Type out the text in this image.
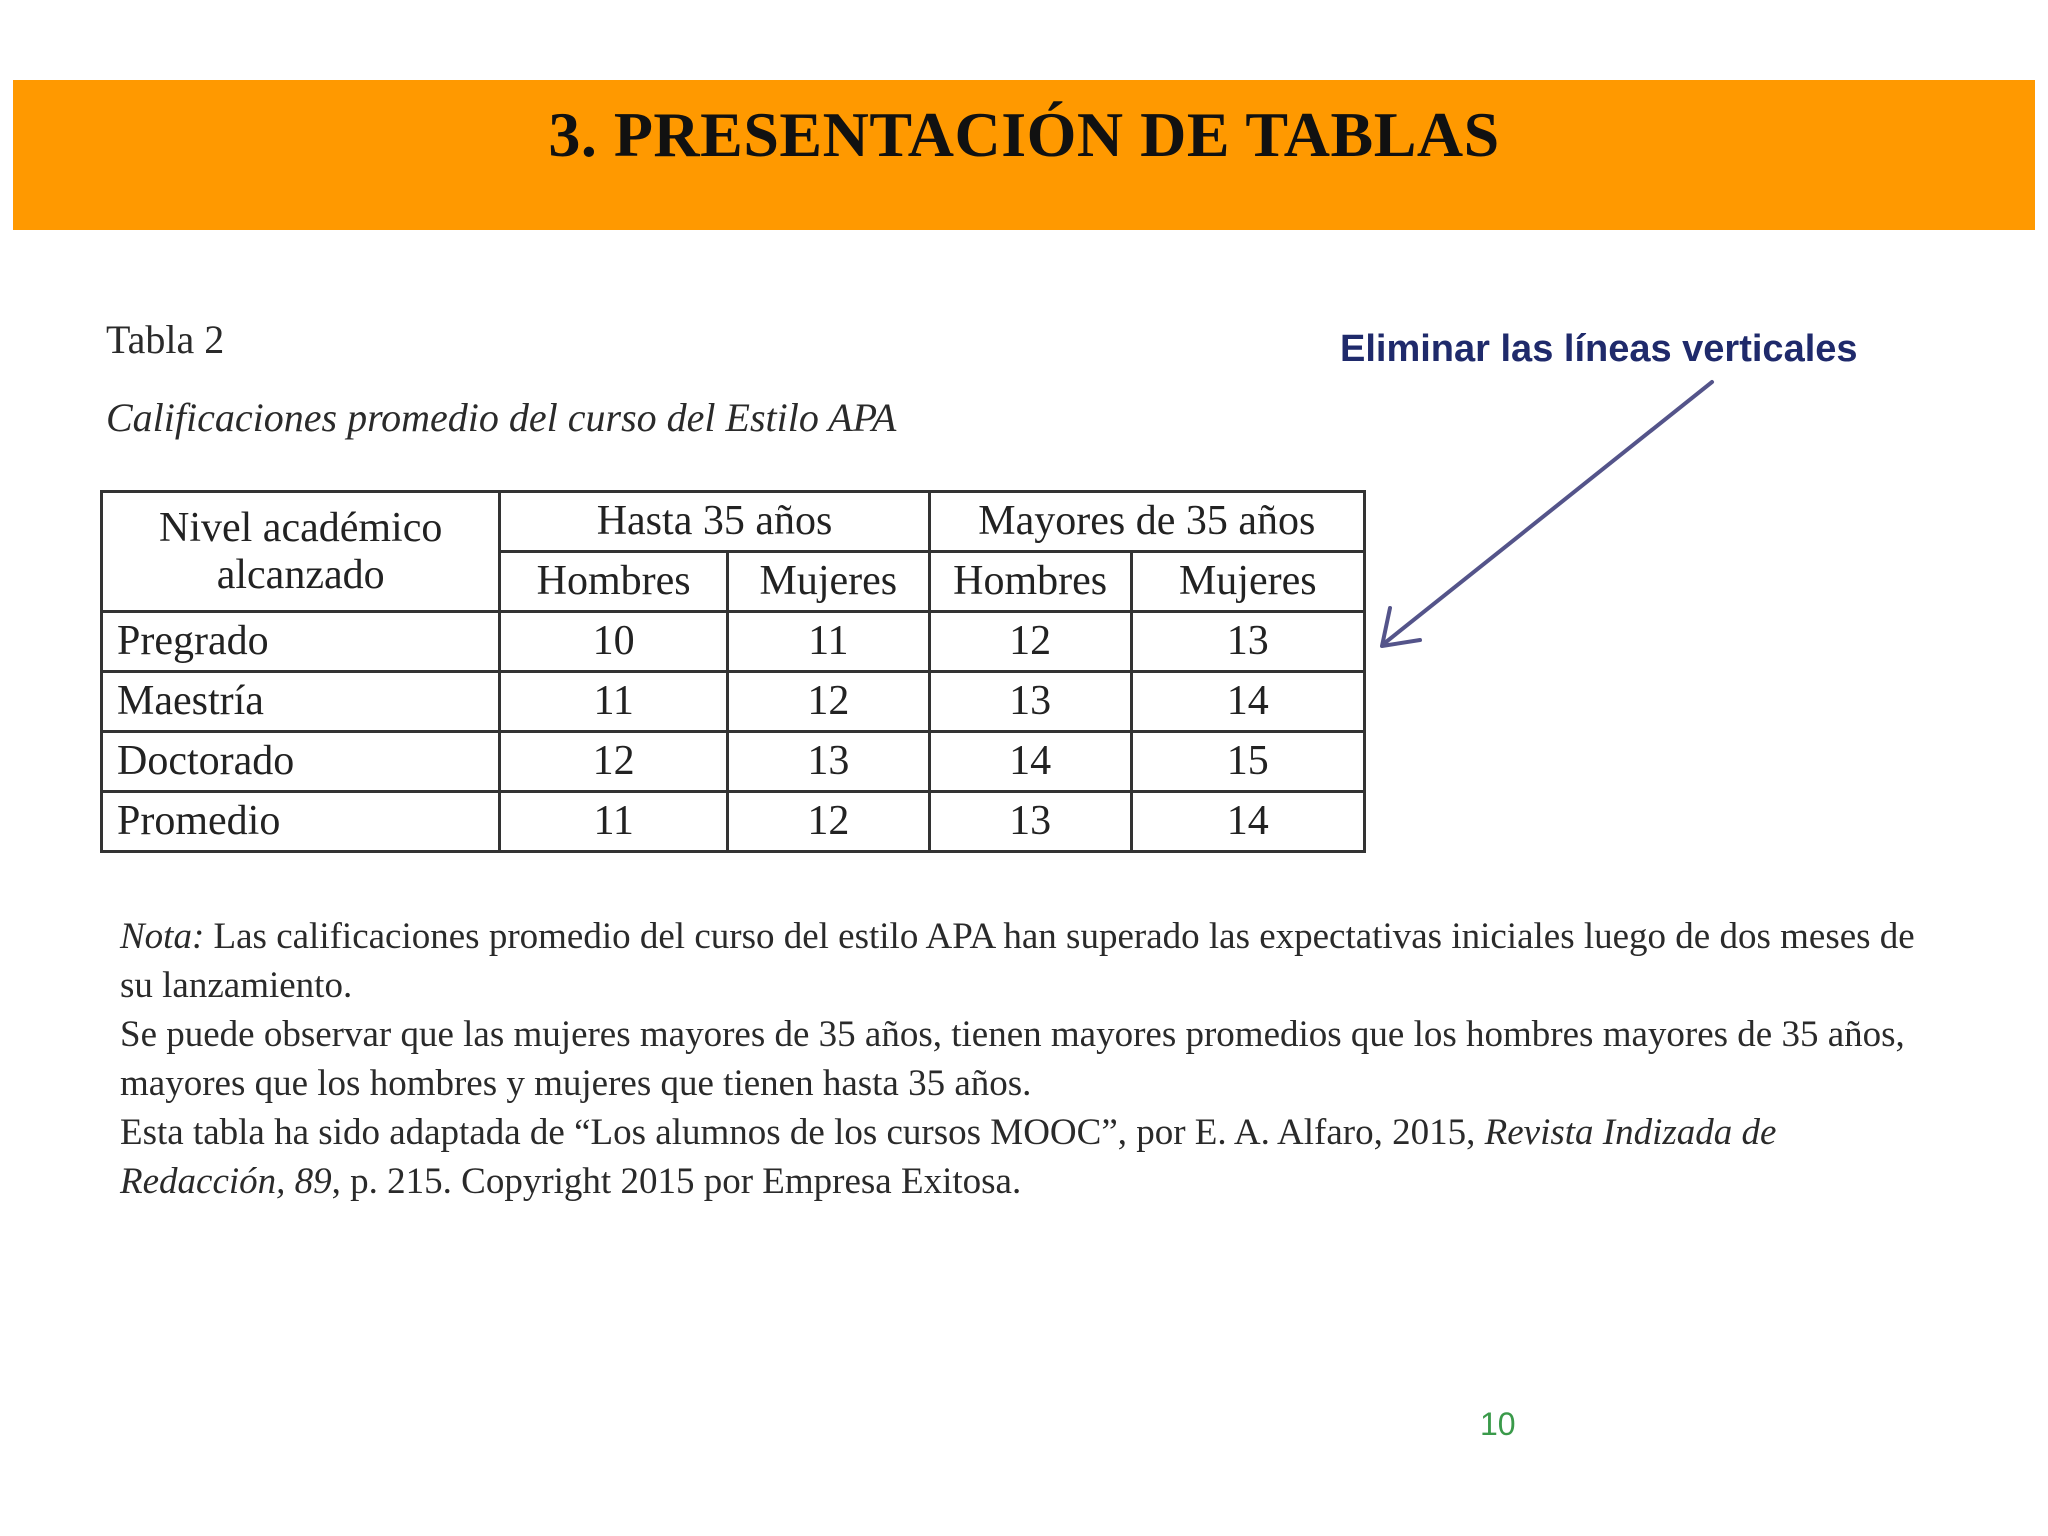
3. PRESENTACIÓN DE TABLAS
Tabla 2
Calificaciones promedio del curso del Estilo APA
Eliminar las líneas verticales
Nivel académico
alcanzado	Hasta 35 años		Mayores de 35 años	
	Hombres	Mujeres	Hombres	Mujeres
Pregrado	10	11	12	13
Maestría	11	12	13	14
Doctorado	12	13	14	15
Promedio	11	12	13	14

Nota: Las calificaciones promedio del curso del estilo APA han superado las expectativas iniciales luego de dos meses de su lanzamiento.

Se puede observar que las mujeres mayores de 35 años, tienen mayores promedios que los hombres mayores de 35 años, mayores que los hombres y mujeres que tienen hasta 35 años.

Esta tabla ha sido adaptada de “Los alumnos de los cursos MOOC”, por E. A. Alfaro, 2015, Revista Indizada de Redacción, 89, p. 215. Copyright 2015 por Empresa Exitosa.

10
